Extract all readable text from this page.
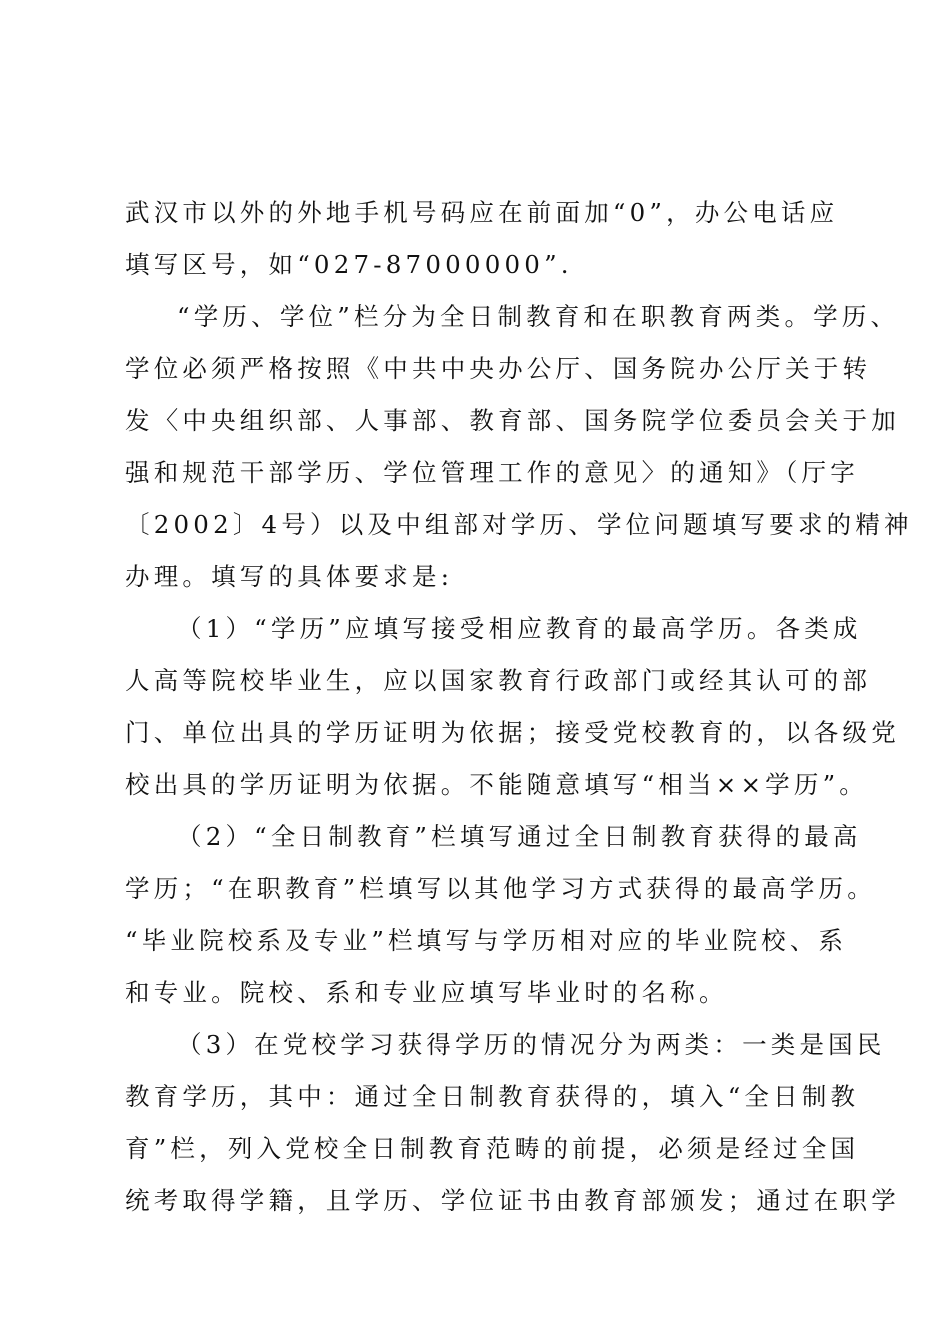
武汉市以外的外地手机号码应在前面加“0”，办公电话应
填写区号，如“027-87000000”.
“学历、学位”栏分为全日制教育和在职教育两类。学历、
学位必须严格按照《中共中央办公厅、国务院办公厅关于转
发〈中央组织部、人事部、教育部、国务院学位委员会关于加
强和规范干部学历、学位管理工作的意见〉的通知》（厅字
〔2002〕4号）以及中组部对学历、学位问题填写要求的精神
办理。填写的具体要求是:
（1）“学历”应填写接受相应教育的最高学历。各类成
人高等院校毕业生，应以国家教育行政部门或经其认可的部
门、单位出具的学历证明为依据；接受党校教育的，以各级党
校出具的学历证明为依据。不能随意填写“相当××学历”。
（2）“全日制教育”栏填写通过全日制教育获得的最高
学历；“在职教育”栏填写以其他学习方式获得的最高学历。
“毕业院校系及专业”栏填写与学历相对应的毕业院校、系
和专业。院校、系和专业应填写毕业时的名称。
（3）在党校学习获得学历的情况分为两类：一类是国民
教育学历，其中：通过全日制教育获得的，填入“全日制教
育”栏，列入党校全日制教育范畴的前提，必须是经过全国
统考取得学籍，且学历、学位证书由教育部颁发；通过在职学
